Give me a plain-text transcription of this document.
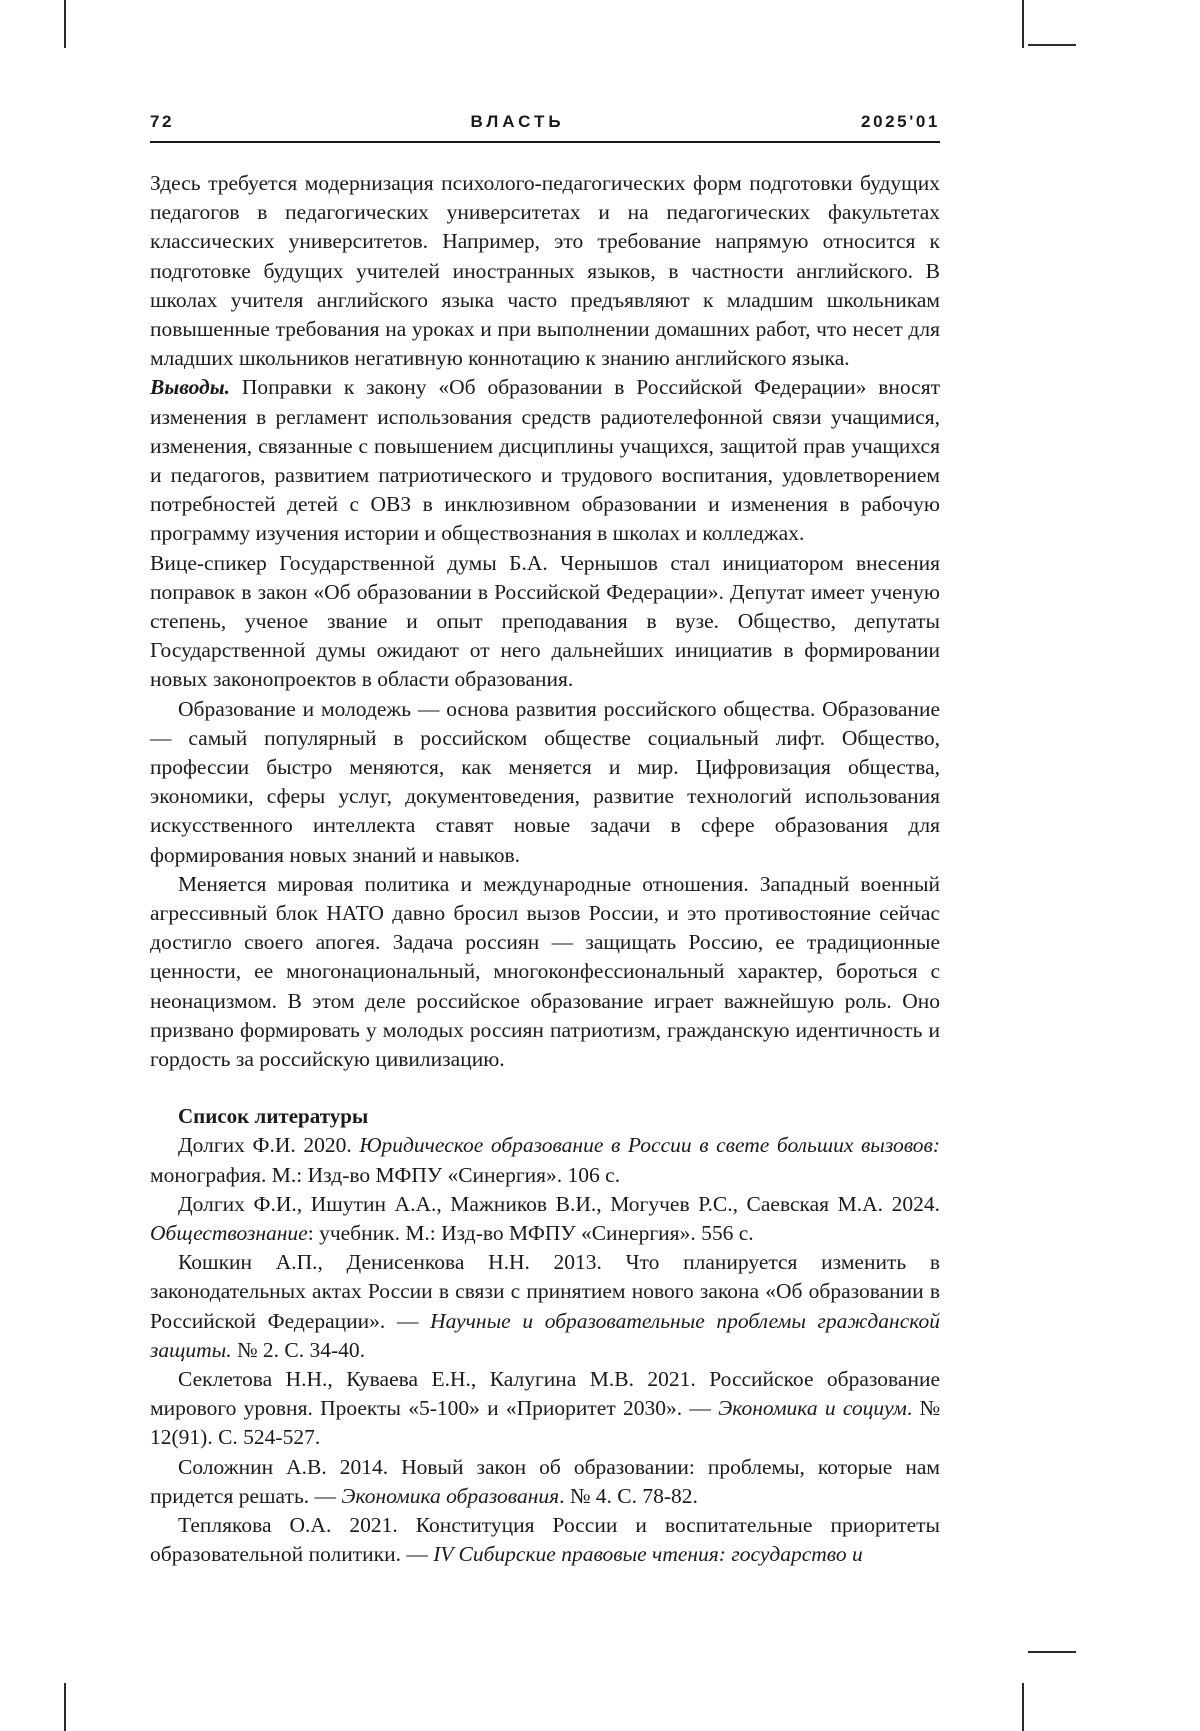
72	ВЛАСТЬ	2025'01

Здесь требуется модернизация психолого-педагогических форм подготовки будущих педагогов в педагогических университетах и на педагогических факультетах классических университетов. Например, это требование напрямую относится к подготовке будущих учителей иностранных языков, в частности английского. В школах учителя английского языка часто предъявляют к младшим школьникам повышенные требования на уроках и при выполнении домашних работ, что несет для младших школьников негативную коннотацию к знанию английского языка.

Выводы. Поправки к закону «Об образовании в Российской Федерации» вносят изменения в регламент использования средств радиотелефонной связи учащимися, изменения, связанные с повышением дисциплины учащихся, защитой прав учащихся и педагогов, развитием патриотического и трудового воспитания, удовлетворением потребностей детей с ОВЗ в инклюзивном образовании и изменения в рабочую программу изучения истории и обществознания в школах и колледжах.

Вице-спикер Государственной думы Б.А. Чернышов стал инициатором внесения поправок в закон «Об образовании в Российской Федерации». Депутат имеет ученую степень, ученое звание и опыт преподавания в вузе. Общество, депутаты Государственной думы ожидают от него дальнейших инициатив в формировании новых законопроектов в области образования.

Образование и молодежь — основа развития российского общества. Образование — самый популярный в российском обществе социальный лифт. Общество, профессии быстро меняются, как меняется и мир. Цифровизация общества, экономики, сферы услуг, документоведения, развитие технологий использования искусственного интеллекта ставят новые задачи в сфере образования для формирования новых знаний и навыков.

Меняется мировая политика и международные отношения. Западный военный агрессивный блок НАТО давно бросил вызов России, и это противостояние сейчас достигло своего апогея. Задача россиян — защищать Россию, ее традиционные ценности, ее многонациональный, многоконфессиональный характер, бороться с неонацизмом. В этом деле российское образование играет важнейшую роль. Оно призвано формировать у молодых россиян патриотизм, гражданскую идентичность и гордость за российскую цивилизацию.

Список литературы

Долгих Ф.И. 2020. Юридическое образование в России в свете больших вызовов: монография. М.: Изд-во МФПУ «Синергия». 106 с.

Долгих Ф.И., Ишутин А.А., Мажников В.И., Могучев Р.С., Саевская М.А. 2024. Обществознание: учебник. М.: Изд-во МФПУ «Синергия». 556 с.

Кошкин А.П., Денисенкова Н.Н. 2013. Что планируется изменить в законодательных актах России в связи с принятием нового закона «Об образовании в Российской Федерации». — Научные и образовательные проблемы гражданской защиты. № 2. С. 34-40.

Секлетова Н.Н., Куваева Е.Н., Калугина М.В. 2021. Российское образование мирового уровня. Проекты «5-100» и «Приоритет 2030». — Экономика и социум. № 12(91). С. 524-527.

Соложнин А.В. 2014. Новый закон об образовании: проблемы, которые нам придется решать. — Экономика образования. № 4. С. 78-82.

Теплякова О.А. 2021. Конституция России и воспитательные приоритеты образовательной политики. — IV Сибирские правовые чтения: государство и
